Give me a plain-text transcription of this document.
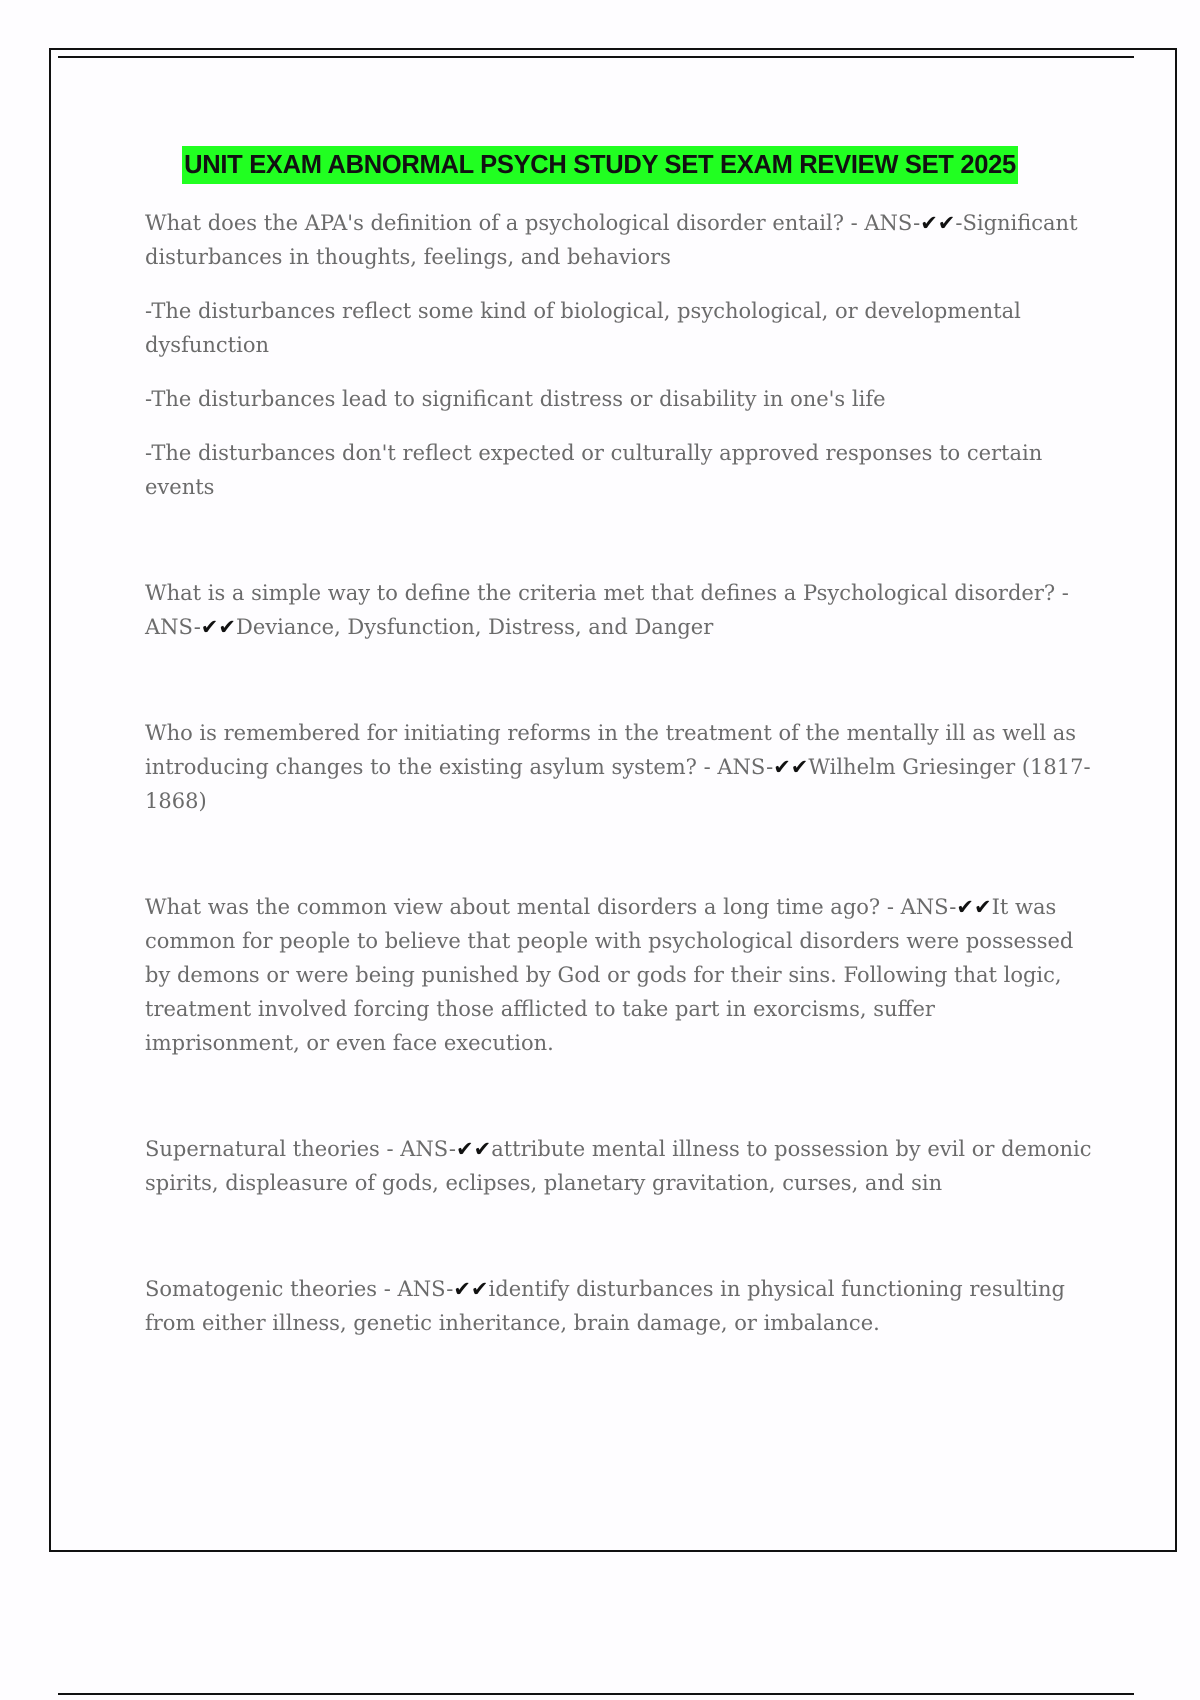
UNIT EXAM ABNORMAL PSYCH STUDY SET EXAM REVIEW SET 2025
What does the APA's definition of a psychological disorder entail? - ANS-✔✔-Significant disturbances in thoughts, feelings, and behaviors
-The disturbances reflect some kind of biological, psychological, or developmental dysfunction
-The disturbances lead to significant distress or disability in one's life
-The disturbances don't reflect expected or culturally approved responses to certain events
What is a simple way to define the criteria met that defines a Psychological disorder? - ANS-✔✔Deviance, Dysfunction, Distress, and Danger
Who is remembered for initiating reforms in the treatment of the mentally ill as well as introducing changes to the existing asylum system? - ANS-✔✔Wilhelm Griesinger (1817-1868)
What was the common view about mental disorders a long time ago? - ANS-✔✔It was common for people to believe that people with psychological disorders were possessed by demons or were being punished by God or gods for their sins. Following that logic, treatment involved forcing those afflicted to take part in exorcisms, suffer imprisonment, or even face execution.
Supernatural theories - ANS-✔✔attribute mental illness to possession by evil or demonic spirits, displeasure of gods, eclipses, planetary gravitation, curses, and sin
Somatogenic theories - ANS-✔✔identify disturbances in physical functioning resulting from either illness, genetic inheritance, brain damage, or imbalance.
